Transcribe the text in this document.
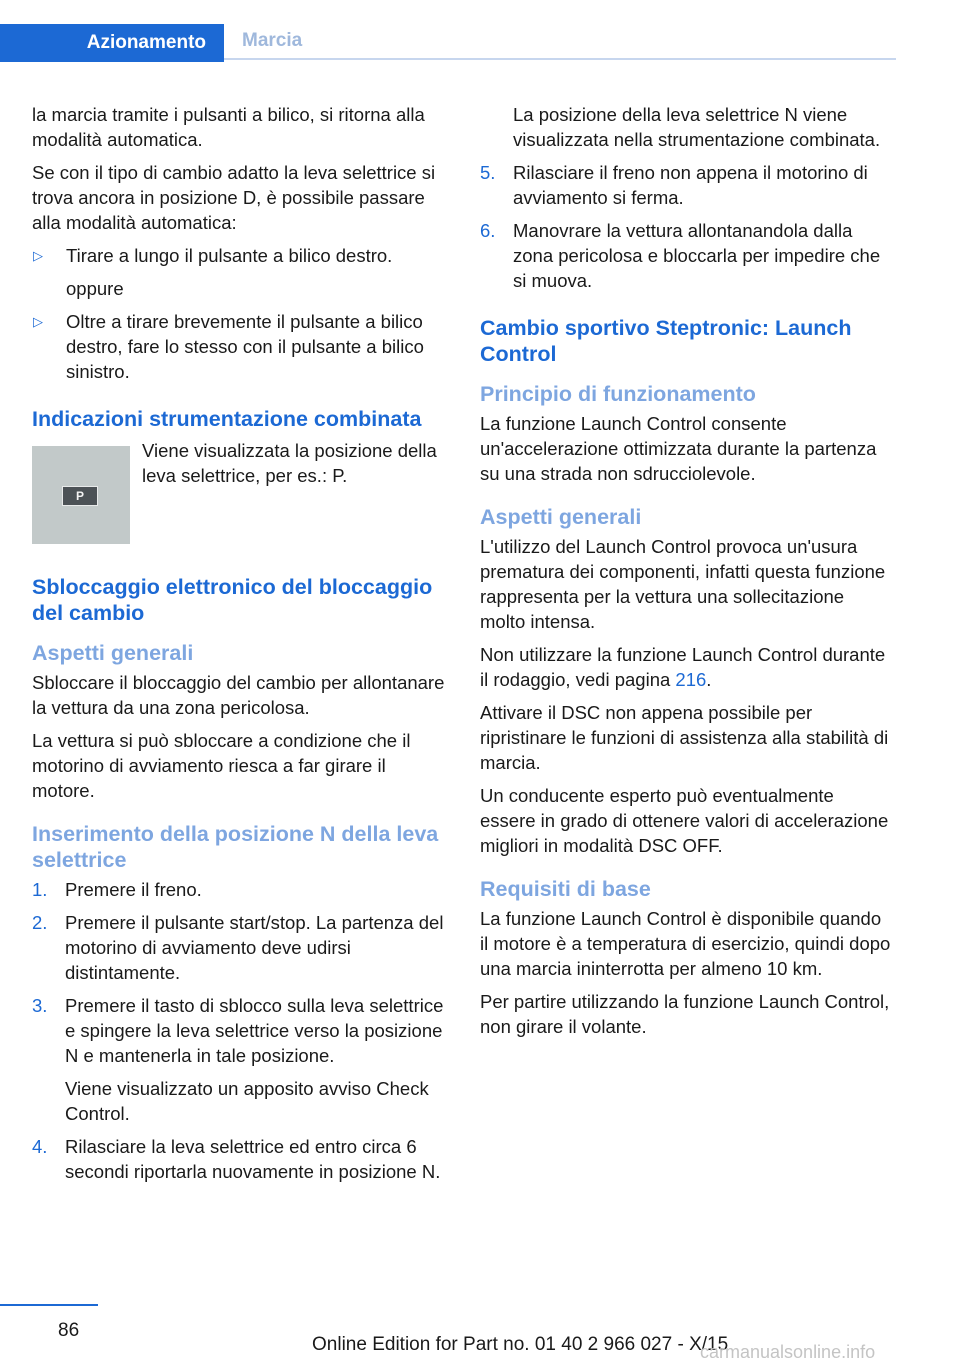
Azionamento	Marcia

la marcia tramite i pulsanti a bilico, si ritorna alla modalità automatica.

Se con il tipo di cambio adatto la leva selettrice si trova ancora in posizione D, è possibile passare alla modalità automatica:

▷	Tirare a lungo il pulsante a bilico destro.

oppure

▷	Oltre a tirare brevemente il pulsante a bilico destro, fare lo stesso con il pulsante a bilico sinistro.

Indicazioni strumentazione combinata
P

Viene visualizzata la posizione della leva selettrice, per es.: P.

Sbloccaggio elettronico del bloccaggio del cambio
Aspetti generali

Sbloccare il bloccaggio del cambio per allontanare la vettura da una zona pericolosa.

La vettura si può sbloccare a condizione che il motorino di avviamento riesca a far girare il motore.

Inserimento della posizione N della leva selettrice
1. Premere il freno.

2. Premere il pulsante start/stop. La partenza del motorino di avviamento deve udirsi distintamente.

3. Premere il tasto di sblocco sulla leva selettrice e spingere la leva selettrice verso la posizione N e mantenerla in tale posizione.

Viene visualizzato un apposito avviso Check Control.

4. Rilasciare la leva selettrice ed entro circa 6 secondi riportarla nuovamente in posizione N.

La posizione della leva selettrice N viene visualizzata nella strumentazione combinata.

5. Rilasciare il freno non appena il motorino di avviamento si ferma.

6. Manovrare la vettura allontanandola dalla zona pericolosa e bloccarla per impedire che si muova.

Cambio sportivo Steptronic: Launch Control
Principio di funzionamento

La funzione Launch Control consente un'accelerazione ottimizzata durante la partenza su una strada non sdrucciolevole.

Aspetti generali

L'utilizzo del Launch Control provoca un'usura prematura dei componenti, infatti questa funzione rappresenta per la vettura una sollecitazione molto intensa.

Non utilizzare la funzione Launch Control durante il rodaggio, vedi pagina 216.

Attivare il DSC non appena possibile per ripristinare le funzioni di assistenza alla stabilità di marcia.

Un conducente esperto può eventualmente essere in grado di ottenere valori di accelerazione migliori in modalità DSC OFF.

Requisiti di base

La funzione Launch Control è disponibile quando il motore è a temperatura di esercizio, quindi dopo una marcia ininterrotta per almeno 10 km.

Per partire utilizzando la funzione Launch Control, non girare il volante.

86
Online Edition for Part no. 01 40 2 966 027 - X/15
carmanualsonline.info
